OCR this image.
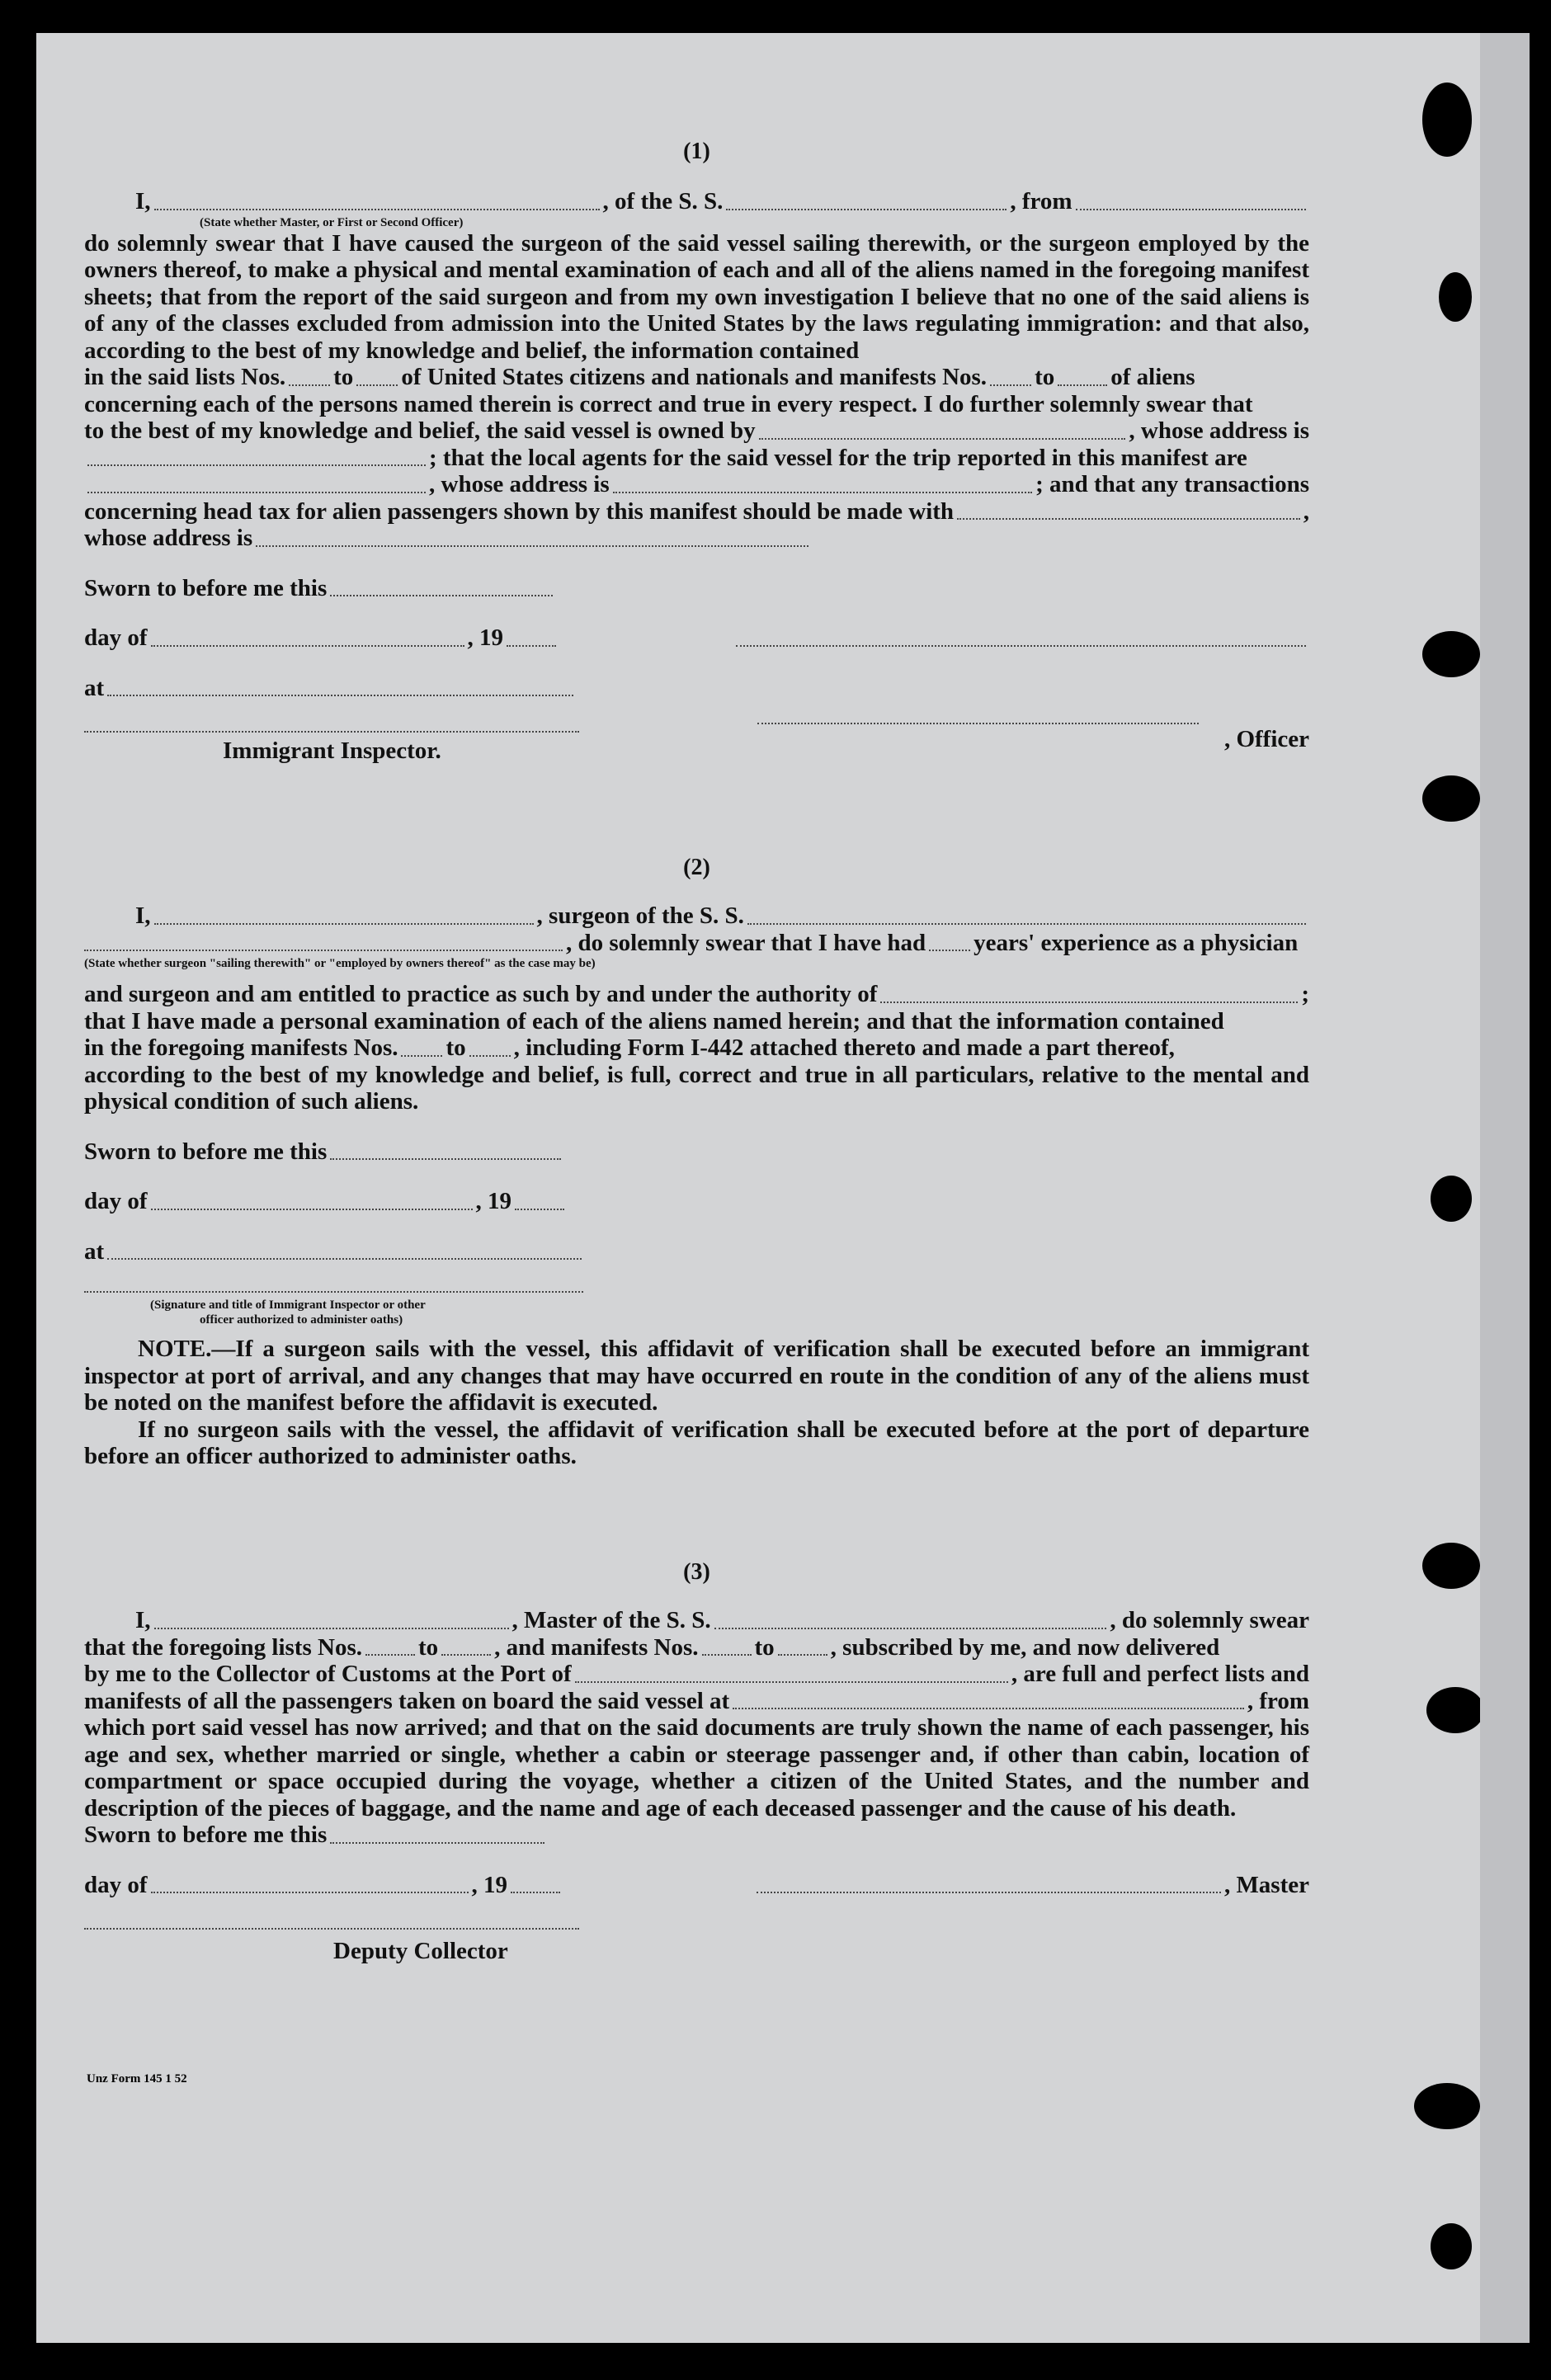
(1)
I,	, of the S. S.	, from
(State whether Master, or First or Second Officer)

do solemnly swear that I have caused the surgeon of the said vessel sailing therewith, or the surgeon employed by the owners thereof, to make a physical and mental examination of each and all of the aliens named in the foregoing manifest sheets; that from the report of the said surgeon and from my own investigation I believe that no one of the said aliens is of any of the classes excluded from admission into the United States by the laws regulating immigration: and that also, according to the best of my knowledge and belief, the information contained

in the said lists Nos. to of United States citizens and nationals and manifests Nos. to of aliens
concerning each of the persons named therein is correct and true in every respect. I do further solemnly swear that
to the best of my knowledge and belief, the said vessel is owned by	, whose address is
; that the local agents for the said vessel for the trip reported in this manifest are
, whose address is	; and that any transactions
concerning head tax for alien passengers shown by this manifest should be made with	,
whose address is
Sworn to before me this
day of	, 19
at
Immigrant Inspector.	, Officer
(2)
I,	, surgeon of the S. S.
, do solemnly swear that I have had years' experience as a physician
(State whether surgeon "sailing therewith" or "employed by owners thereof" as the case may be)
and surgeon and am entitled to practice as such by and under the authority of	;
that I have made a personal examination of each of the aliens named herein; and that the information contained
in the foregoing manifests Nos. to , including Form I-442 attached thereto and made a part thereof,

according to the best of my knowledge and belief, is full, correct and true in all particulars, relative to the mental and physical condition of such aliens.

Sworn to before me this
day of	, 19
at
(Signature and title of Immigrant Inspector or other
officer authorized to administer oaths)

NOTE.—If a surgeon sails with the vessel, this affidavit of verification shall be executed before an immigrant inspector at port of arrival, and any changes that may have occurred en route in the condition of any of the aliens must be noted on the manifest before the affidavit is executed.

If no surgeon sails with the vessel, the affidavit of verification shall be executed before at the port of departure before an officer authorized to administer oaths.

(3)
I,	, Master of the S. S.	, do solemnly swear
that the foregoing lists Nos. to , and manifests Nos. to , subscribed by me, and now delivered
by me to the Collector of Customs at the Port of	, are full and perfect lists and
manifests of all the passengers taken on board the said vessel at	, from

which port said vessel has now arrived; and that on the said documents are truly shown the name of each passenger, his age and sex, whether married or single, whether a cabin or steerage passenger and, if other than cabin, location of compartment or space occupied during the voyage, whether a citizen of the United States, and the number and description of the pieces of baggage, and the name and age of each deceased passenger and the cause of his death.

Sworn to before me this
day of	, 19	, Master
Deputy Collector
Unz Form 145 1 52
